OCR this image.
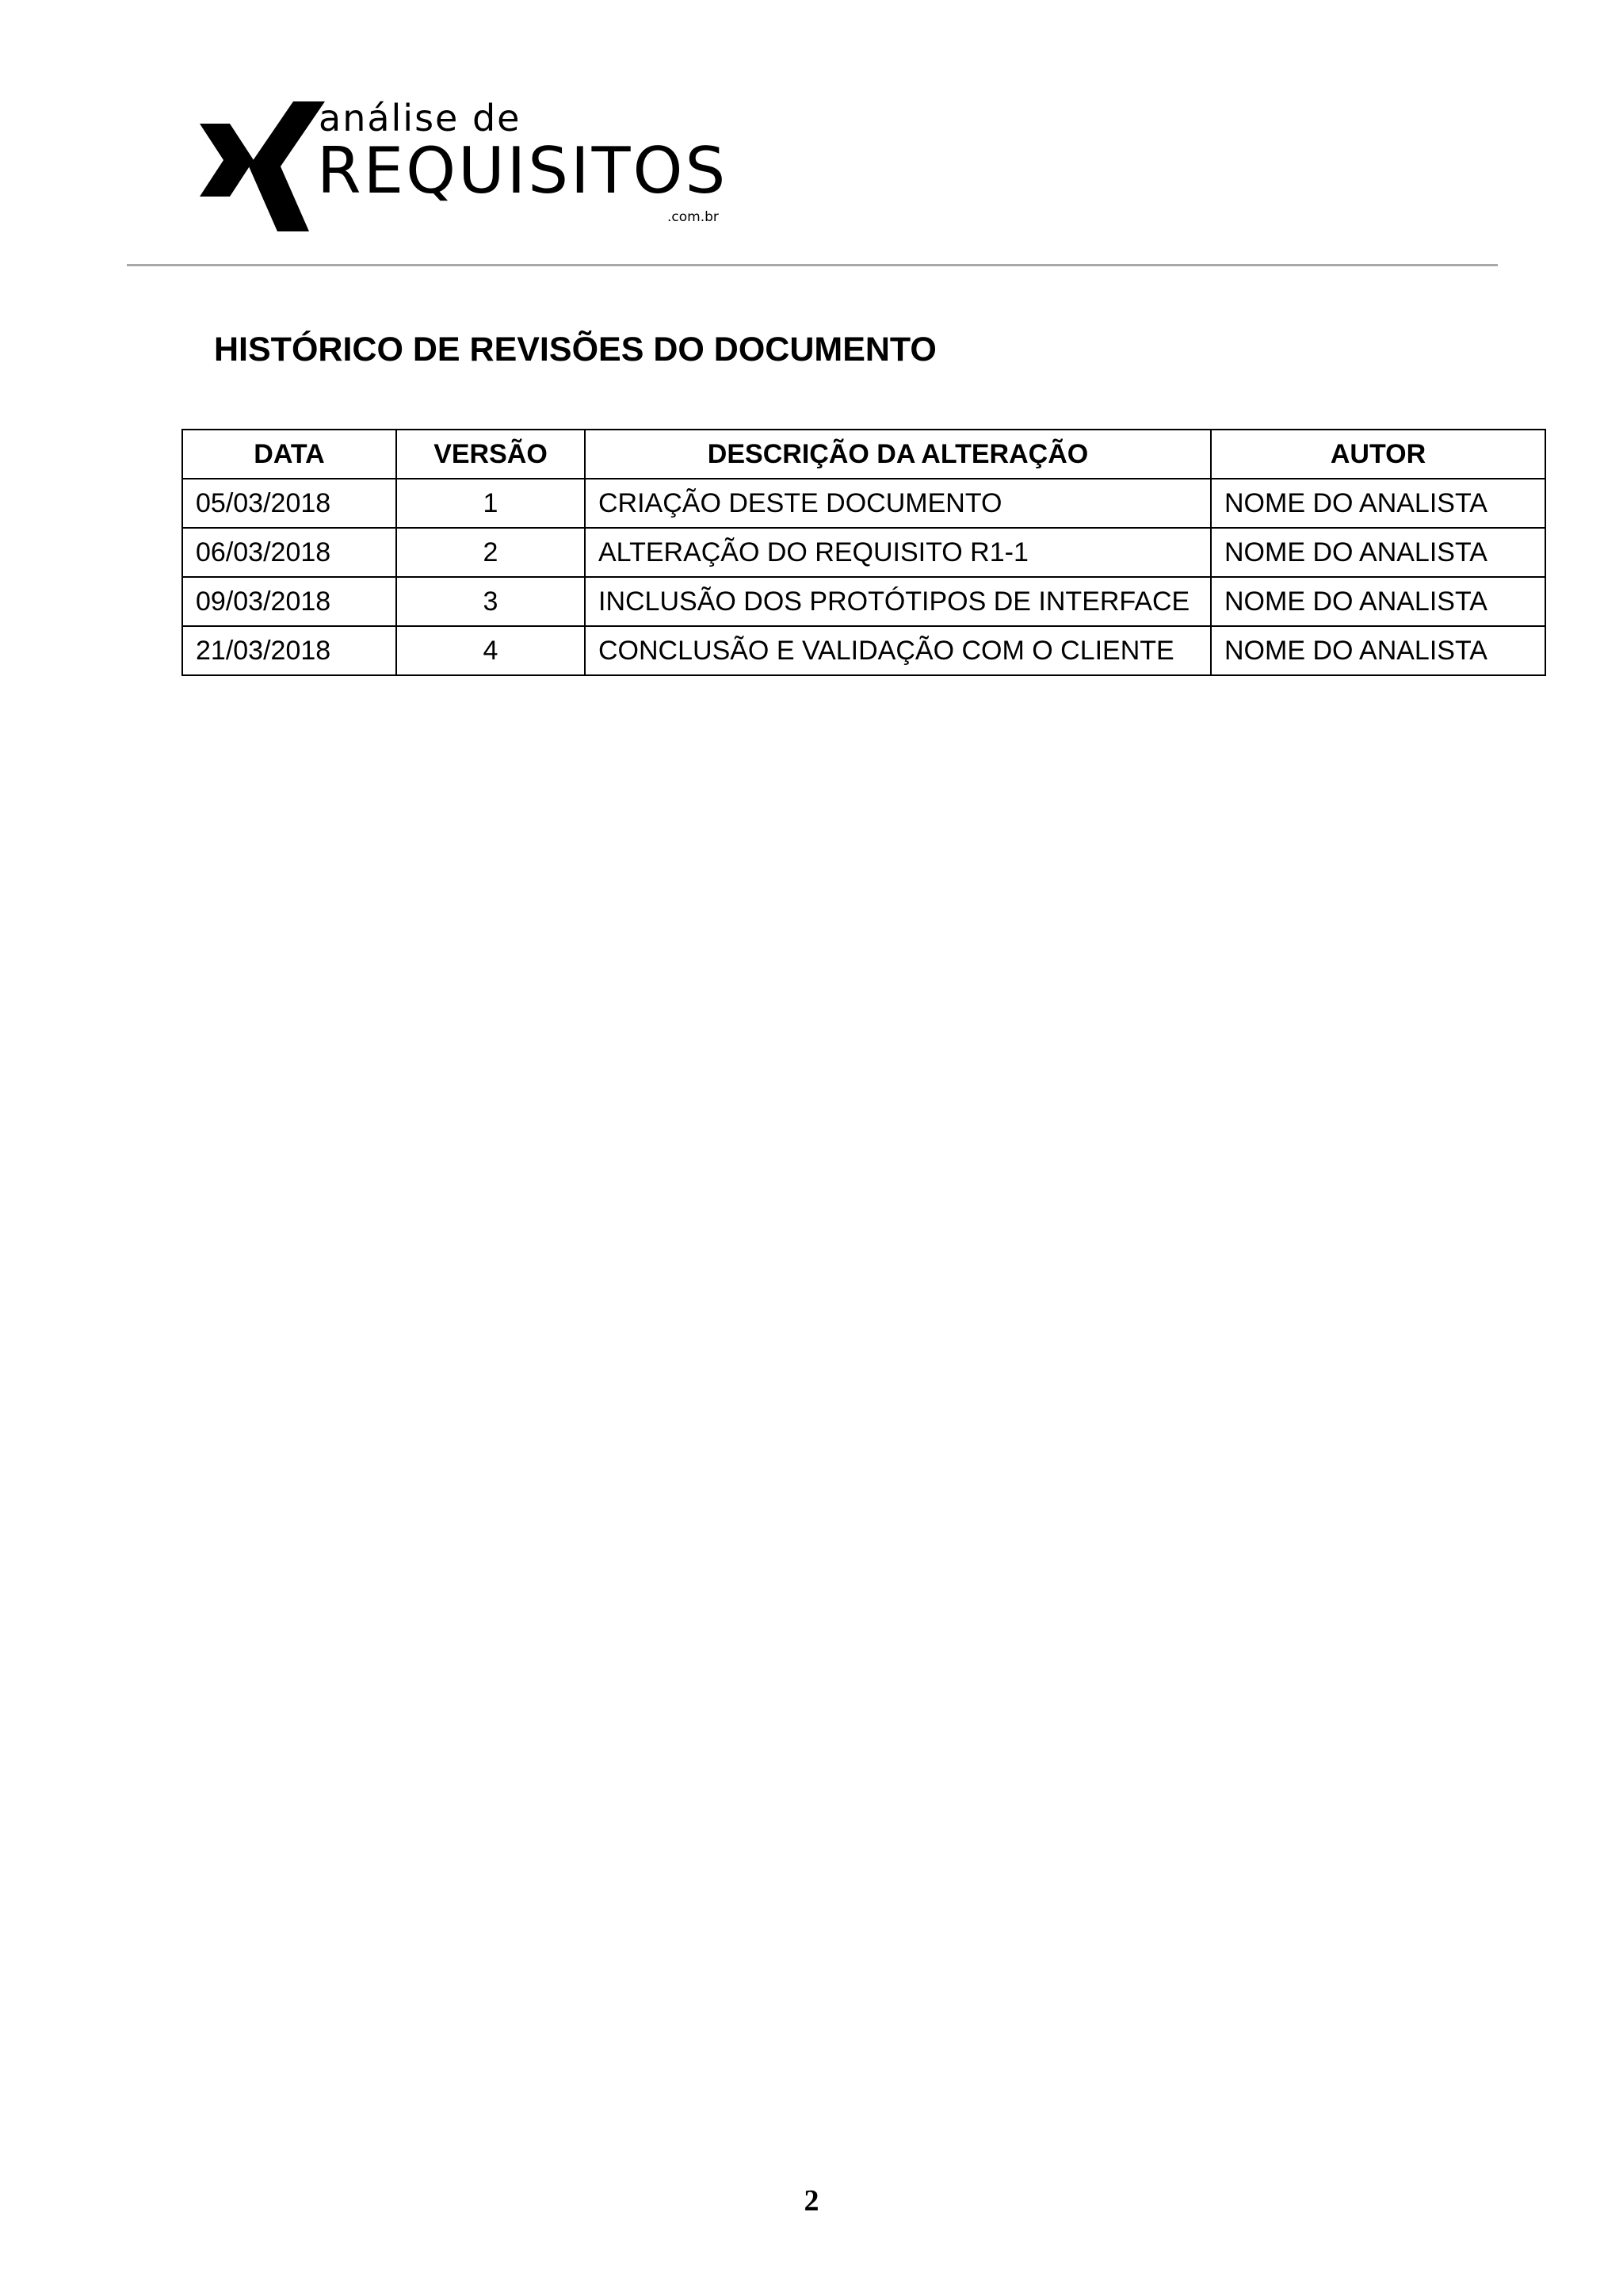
análise de
REQUISITOS
.com.br
HISTÓRICO DE REVISÕES DO DOCUMENTO
DATA	VERSÃO	DESCRIÇÃO DA ALTERAÇÃO	AUTOR
05/03/2018	1	CRIAÇÃO DESTE DOCUMENTO	NOME DO ANALISTA
06/03/2018	2	ALTERAÇÃO DO REQUISITO R1-1	NOME DO ANALISTA
09/03/2018	3	INCLUSÃO DOS PROTÓTIPOS DE INTERFACE	NOME DO ANALISTA
21/03/2018	4	CONCLUSÃO E VALIDAÇÃO COM O CLIENTE	NOME DO ANALISTA
2
